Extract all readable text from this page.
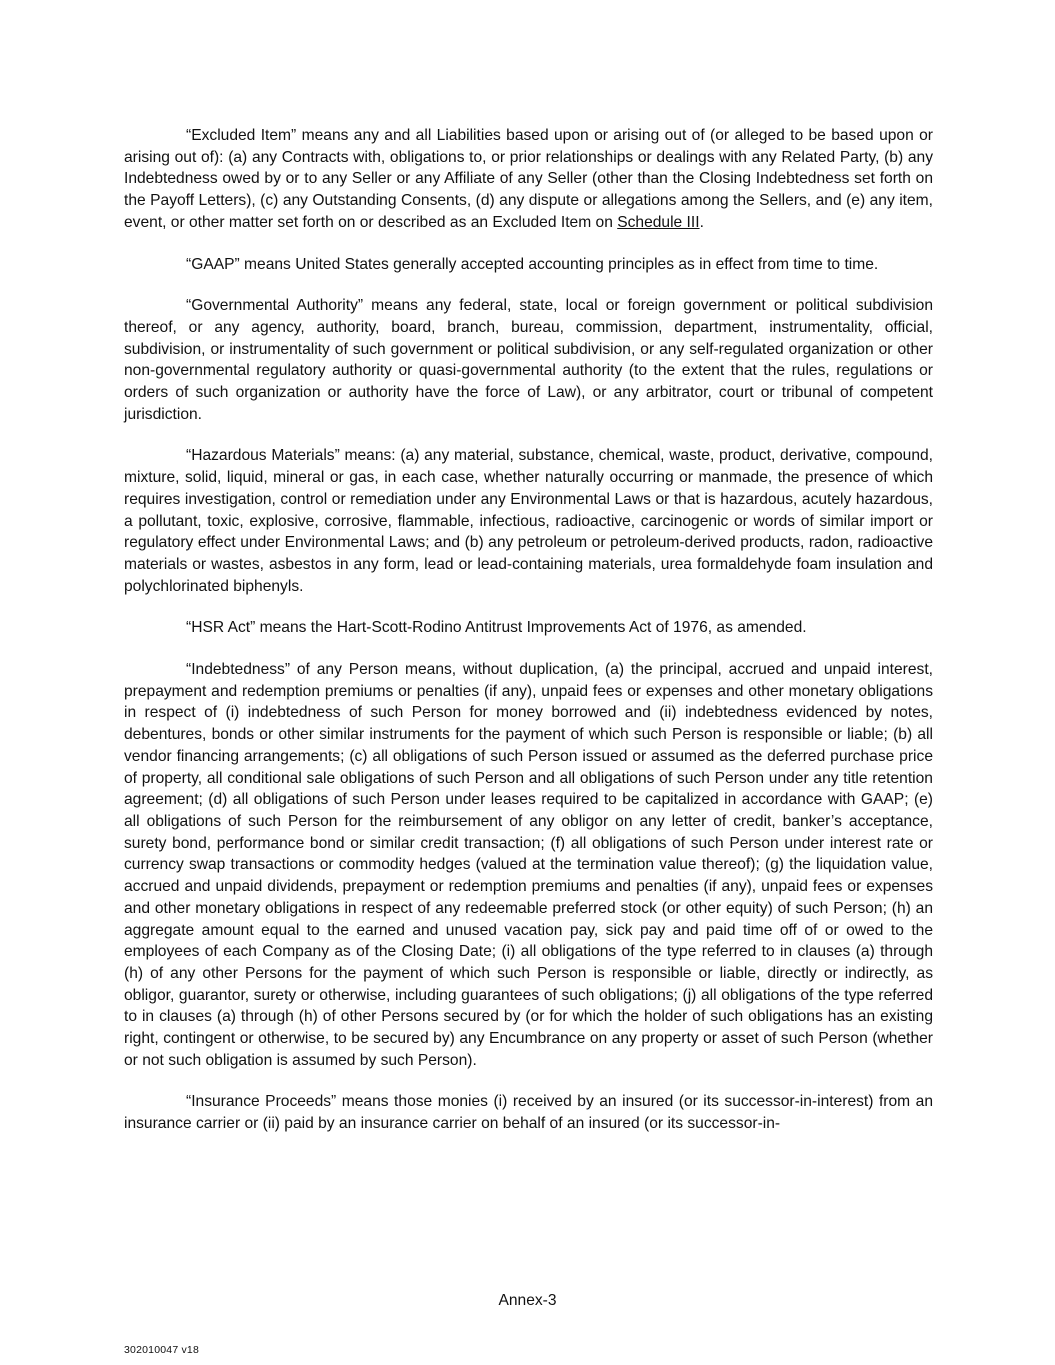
“Excluded Item” means any and all Liabilities based upon or arising out of (or alleged to be based upon or arising out of): (a) any Contracts with, obligations to, or prior relationships or dealings with any Related Party, (b) any Indebtedness owed by or to any Seller or any Affiliate of any Seller (other than the Closing Indebtedness set forth on the Payoff Letters), (c) any Outstanding Consents, (d) any dispute or allegations among the Sellers, and (e) any item, event, or other matter set forth on or described as an Excluded Item on Schedule III.

“GAAP” means United States generally accepted accounting principles as in effect from time to time.

“Governmental Authority” means any federal, state, local or foreign government or political subdivision thereof, or any agency, authority, board, branch, bureau, commission, department, instrumentality, official, subdivision, or instrumentality of such government or political subdivision, or any self-regulated organization or other non-governmental regulatory authority or quasi-governmental authority (to the extent that the rules, regulations or orders of such organization or authority have the force of Law), or any arbitrator, court or tribunal of competent jurisdiction.

“Hazardous Materials” means: (a) any material, substance, chemical, waste, product, derivative, compound, mixture, solid, liquid, mineral or gas, in each case, whether naturally occurring or manmade, the presence of which requires investigation, control or remediation under any Environmental Laws or that is hazardous, acutely hazardous, a pollutant, toxic, explosive, corrosive, flammable, infectious, radioactive, carcinogenic or words of similar import or regulatory effect under Environmental Laws; and (b) any petroleum or petroleum-derived products, radon, radioactive materials or wastes, asbestos in any form, lead or lead-containing materials, urea formaldehyde foam insulation and polychlorinated biphenyls.

“HSR Act” means the Hart-Scott-Rodino Antitrust Improvements Act of 1976, as amended.

“Indebtedness” of any Person means, without duplication, (a) the principal, accrued and unpaid interest, prepayment and redemption premiums or penalties (if any), unpaid fees or expenses and other monetary obligations in respect of (i) indebtedness of such Person for money borrowed and (ii) indebtedness evidenced by notes, debentures, bonds or other similar instruments for the payment of which such Person is responsible or liable; (b) all vendor financing arrangements; (c) all obligations of such Person issued or assumed as the deferred purchase price of property, all conditional sale obligations of such Person and all obligations of such Person under any title retention agreement; (d) all obligations of such Person under leases required to be capitalized in accordance with GAAP; (e) all obligations of such Person for the reimbursement of any obligor on any letter of credit, banker’s acceptance, surety bond, performance bond or similar credit transaction; (f) all obligations of such Person under interest rate or currency swap transactions or commodity hedges (valued at the termination value thereof); (g) the liquidation value, accrued and unpaid dividends, prepayment or redemption premiums and penalties (if any), unpaid fees or expenses and other monetary obligations in respect of any redeemable preferred stock (or other equity) of such Person; (h) an aggregate amount equal to the earned and unused vacation pay, sick pay and paid time off of or owed to the employees of each Company as of the Closing Date; (i) all obligations of the type referred to in clauses (a) through (h) of any other Persons for the payment of which such Person is responsible or liable, directly or indirectly, as obligor, guarantor, surety or otherwise, including guarantees of such obligations; (j) all obligations of the type referred to in clauses (a) through (h) of other Persons secured by (or for which the holder of such obligations has an existing right, contingent or otherwise, to be secured by) any Encumbrance on any property or asset of such Person (whether or not such obligation is assumed by such Person).

“Insurance Proceeds” means those monies (i) received by an insured (or its successor-in-interest) from an insurance carrier or (ii) paid by an insurance carrier on behalf of an insured (or its successor-in-

Annex-3
302010047 v18
